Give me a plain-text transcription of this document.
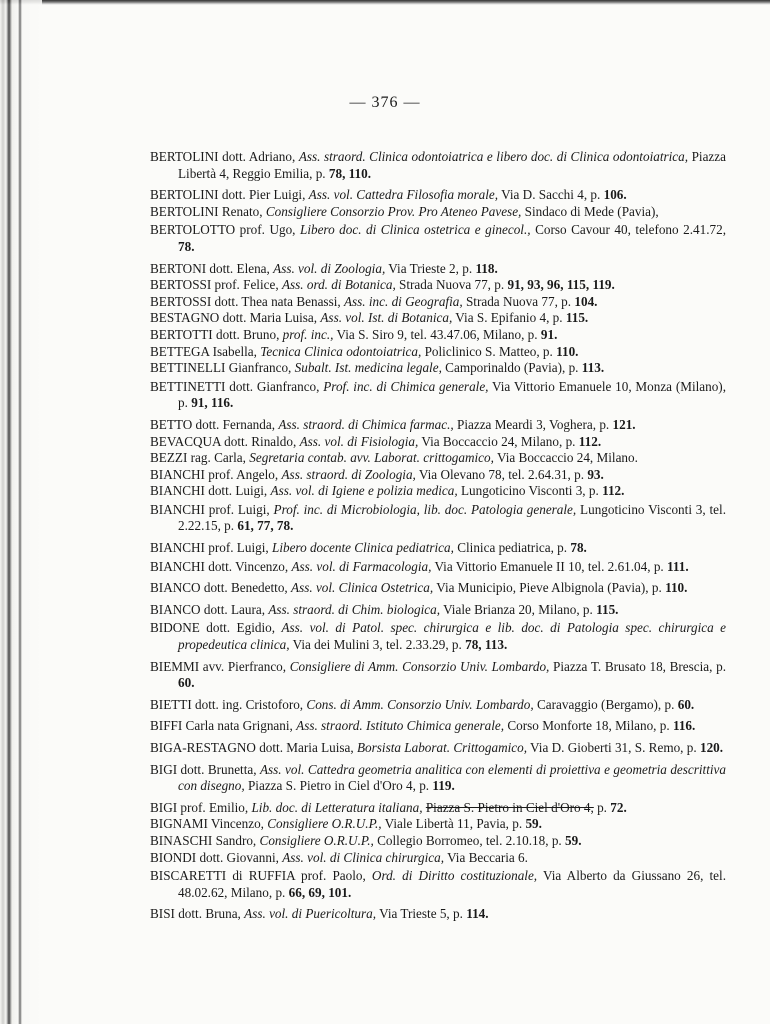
— 376 —

BERTOLINI dott. Adriano, Ass. straord. Clinica odontoiatrica e libero doc. di Clinica odontoiatrica, Piazza Libertà 4, Reggio Emilia, p. 78, 110.

BERTOLINI dott. Pier Luigi, Ass. vol. Cattedra Filosofia morale, Via D. Sacchi 4, p. 106.

BERTOLINI Renato, Consigliere Consorzio Prov. Pro Ateneo Pavese, Sindaco di Mede (Pavia),

BERTOLOTTO prof. Ugo, Libero doc. di Clinica ostetrica e ginecol., Corso Cavour 40, telefono 2.41.72, 78.

BERTONI dott. Elena, Ass. vol. di Zoologia, Via Trieste 2, p. 118.

BERTOSSI prof. Felice, Ass. ord. di Botanica, Strada Nuova 77, p. 91, 93, 96, 115, 119.

BERTOSSI dott. Thea nata Benassi, Ass. inc. di Geografia, Strada Nuova 77, p. 104.

BESTAGNO dott. Maria Luisa, Ass. vol. Ist. di Botanica, Via S. Epifanio 4, p. 115.

BERTOTTI dott. Bruno, prof. inc., Via S. Siro 9, tel. 43.47.06, Milano, p. 91.

BETTEGA Isabella, Tecnica Clinica odontoiatrica, Policlinico S. Matteo, p. 110.

BETTINELLI Gianfranco, Subalt. Ist. medicina legale, Camporinaldo (Pavia), p. 113.

BETTINETTI dott. Gianfranco, Prof. inc. di Chimica generale, Via Vittorio Emanuele 10, Monza (Milano), p. 91, 116.

BETTO dott. Fernanda, Ass. straord. di Chimica farmac., Piazza Meardi 3, Voghera, p. 121.

BEVACQUA dott. Rinaldo, Ass. vol. di Fisiologia, Via Boccaccio 24, Milano, p. 112.

BEZZI rag. Carla, Segretaria contab. avv. Laborat. crittogamico, Via Boccaccio 24, Milano.

BIANCHI prof. Angelo, Ass. straord. di Zoologia, Via Olevano 78, tel. 2.64.31, p. 93.

BIANCHI dott. Luigi, Ass. vol. di Igiene e polizia medica, Lungoticino Visconti 3, p. 112.

BIANCHI prof. Luigi, Prof. inc. di Microbiologia, lib. doc. Patologia generale, Lungoticino Visconti 3, tel. 2.22.15, p. 61, 77, 78.

BIANCHI prof. Luigi, Libero docente Clinica pediatrica, Clinica pediatrica, p. 78.

BIANCHI dott. Vincenzo, Ass. vol. di Farmacologia, Via Vittorio Emanuele II 10, tel. 2.61.04, p. 111.

BIANCO dott. Benedetto, Ass. vol. Clinica Ostetrica, Via Municipio, Pieve Albignola (Pavia), p. 110.

BIANCO dott. Laura, Ass. straord. di Chim. biologica, Viale Brianza 20, Milano, p. 115.

BIDONE dott. Egidio, Ass. vol. di Patol. spec. chirurgica e lib. doc. di Patologia spec. chirurgica e propedeutica clinica, Via dei Mulini 3, tel. 2.33.29, p. 78, 113.

BIEMMI avv. Pierfranco, Consigliere di Amm. Consorzio Univ. Lombardo, Piazza T. Brusato 18, Brescia, p. 60.

BIETTI dott. ing. Cristoforo, Cons. di Amm. Consorzio Univ. Lombardo, Caravaggio (Bergamo), p. 60.

BIFFI Carla nata Grignani, Ass. straord. Istituto Chimica generale, Corso Monforte 18, Milano, p. 116.

BIGA-RESTAGNO dott. Maria Luisa, Borsista Laborat. Crittogamico, Via D. Gioberti 31, S. Remo, p. 120.

BIGI dott. Brunetta, Ass. vol. Cattedra geometria analitica con elementi di proiettiva e geometria descrittiva con disegno, Piazza S. Pietro in Ciel d'Oro 4, p. 119.

BIGI prof. Emilio, Lib. doc. di Letteratura italiana, Piazza S. Pietro in Ciel d'Oro 4, p. 72.

BIGNAMI Vincenzo, Consigliere O.R.U.P., Viale Libertà 11, Pavia, p. 59.

BINASCHI Sandro, Consigliere O.R.U.P., Collegio Borromeo, tel. 2.10.18, p. 59.

BIONDI dott. Giovanni, Ass. vol. di Clinica chirurgica, Via Beccaria 6.

BISCARETTI di RUFFIA prof. Paolo, Ord. di Diritto costituzionale, Via Alberto da Giussano 26, tel. 48.02.62, Milano, p. 66, 69, 101.

BISI dott. Bruna, Ass. vol. di Puericoltura, Via Trieste 5, p. 114.
